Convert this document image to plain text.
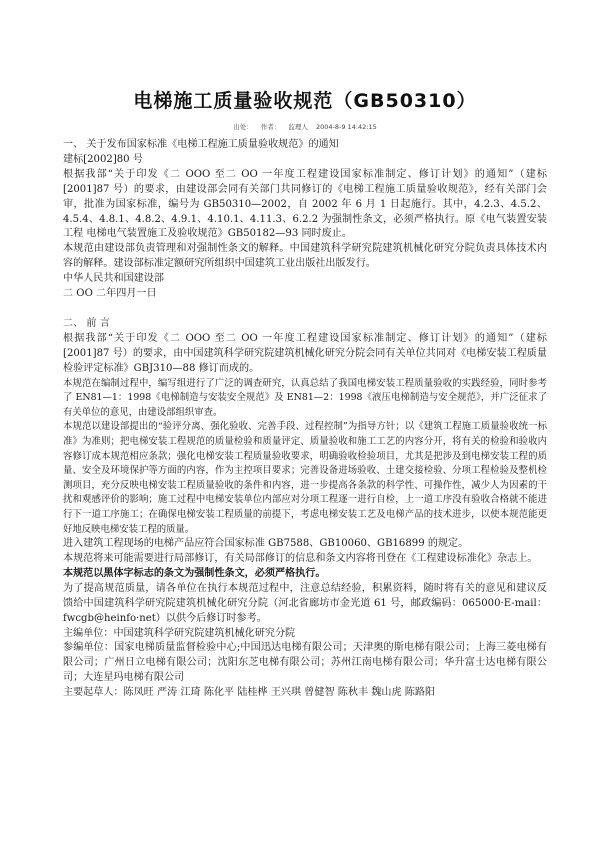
电梯施工质量验收规范（GB50310）
出处： 作者： 监理人 2004-8-9 14:42:15

一、 关于发布国家标准《电梯工程施工质量验收规范》的通知

建标[2002]80 号

根据我部“关于印发《二 OOO 至二 OO 一年度工程建设国家标准制定、修订计划》的通知”（建标[2001]87 号）的要求，由建设部会同有关部门共同修订的《电梯工程施工质量验收规范》，经有关部门会审，批准为国家标准，编号为 GB50310—2002，自 2002 年 6 月 1 日起施行。其中，4.2.3、4.5.2、4.5.4、4.8.1、4.8.2、4.9.1、4.10.1、4.11.3、6.2.2 为强制性条文，必须严格执行。原《电气装置安装工程 电梯电气装置施工及验收规范》GB50182—93 同时废止。

本规范由建设部负责管理和对强制性条文的解释。中国建筑科学研究院建筑机械化研究分院负责具体技术内容的解释。建设部标准定额研究所组织中国建筑工业出版社出版发行。

中华人民共和国建设部

二 OO 二年四月一日

二、 前 言

根据我部“关于印发《二 OOO 至二 OO 一年度工程建设国家标准制定、修订计划》的通知”（建标[2001]87 号）的要求，由中国建筑科学研究院建筑机械化研究分院会同有关单位共同对《电梯安装工程质量检验评定标准》GBJ310—88 修订而成的。

本规范在编制过程中，编写组进行了广泛的调查研究，认真总结了我国电梯安装工程质量验收的实践经验，同时参考了 EN81—1：1998《电梯制造与安装安全规范》及 EN81—2：1998《液压电梯制造与安全规范》，并广泛征求了有关单位的意见，由建设部组织审查。

本规范以建设部提出的“验评分离、强化验收、完善手段、过程控制”为指导方针；以《建筑工程施工质量验收统一标准》为准则；把电梯安装工程规范的质量检验和质量评定、质量验收和施工工艺的内容分开，将有关的检验和验收内容修订成本规范相应条款；强化电梯安装工程质量验收要求，明确验收检验项目，尤其是把涉及到电梯安装工程的质量、安全及环境保护等方面的内容，作为主控项目要求；完善设备进场验收、土建交接检验、分项工程检验及整机检测项目，充分反映电梯安装工程质量验收的条件和内容，进一步提高各条款的科学性、可操作性，减少人为因素的干扰和观感评价的影响；施工过程中电梯安装单位内部应对分项工程逐一进行自检，上一道工序没有验收合格就不能进行下一道工序施工；在确保电梯安装工程质量的前提下，考虑电梯安装工艺及电梯产品的技术进步，以使本规范能更好地反映电梯安装工程的质量。

进入建筑工程现场的电梯产品应符合国家标准 GB7588、GB10060、GB16899 的规定。

本规范将来可能需要进行局部修订，有关局部修订的信息和条文内容将刊登在《工程建设标准化》杂志上。

本规范以黑体字标志的条文为强制性条文，必须严格执行。

为了提高规范质量，请各单位在执行本规范过程中，注意总结经验，积累资料，随时将有关的意见和建议反馈给中国建筑科学研究院建筑机械化研究分院（河北省廊坊市金光道 61 号，邮政编码：065000·E-mail：fwcgb@heinfo·net）以供今后修订时参考。

主编单位：中国建筑科学研究院建筑机械化研究分院

参编单位：国家电梯质量监督检验中心;中国迅达电梯有限公司；天津奥的斯电梯有限公司；上海三菱电梯有限公司；广州日立电梯有限公司；沈阳东芝电梯有限公司；苏州江南电梯有限公司；华升富士达电梯有限公司；大连星玛电梯有限公司

主要起草人：陈凤旺 严涛 江琦 陈化平 陆桂桦 王兴琪 曾健智 陈秋丰 魏山虎 陈路阳
